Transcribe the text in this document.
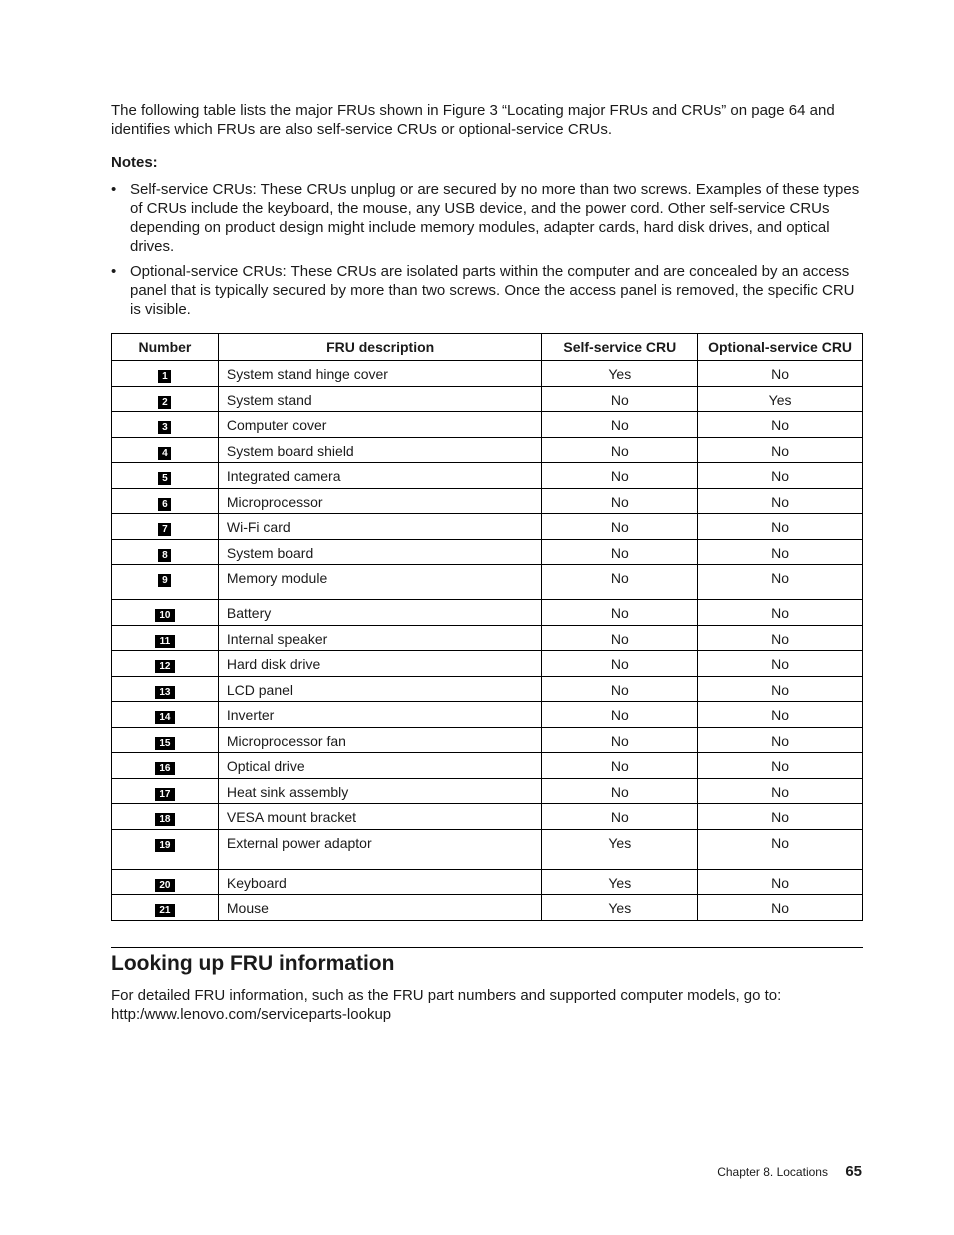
The following table lists the major FRUs shown in Figure 3 “Locating major FRUs and CRUs” on page 64 and identifies which FRUs are also self-service CRUs or optional-service CRUs.

Notes:
• Self-service CRUs: These CRUs unplug or are secured by no more than two screws. Examples of these types of CRUs include the keyboard, the mouse, any USB device, and the power cord. Other self-service CRUs depending on product design might include memory modules, adapter cards, hard disk drives, and optical drives.
• Optional-service CRUs: These CRUs are isolated parts within the computer and are concealed by an access panel that is typically secured by more than two screws. Once the access panel is removed, the specific CRU is visible.
Number	FRU description	Self-service CRU	Optional-service CRU
1	System stand hinge cover	Yes	No
2	System stand	No	Yes
3	Computer cover	No	No
4	System board shield	No	No
5	Integrated camera	No	No
6	Microprocessor	No	No
7	Wi-Fi card	No	No
8	System board	No	No
9	Memory module	No	No
10	Battery	No	No
11	Internal speaker	No	No
12	Hard disk drive	No	No
13	LCD panel	No	No
14	Inverter	No	No
15	Microprocessor fan	No	No
16	Optical drive	No	No
17	Heat sink assembly	No	No
18	VESA mount bracket	No	No
19	External power adaptor	Yes	No
20	Keyboard	Yes	No
21	Mouse	Yes	No
Looking up FRU information

For detailed FRU information, such as the FRU part numbers and supported computer models, go to:
http:/www.lenovo.com/serviceparts-lookup

Chapter 8. Locations 65
